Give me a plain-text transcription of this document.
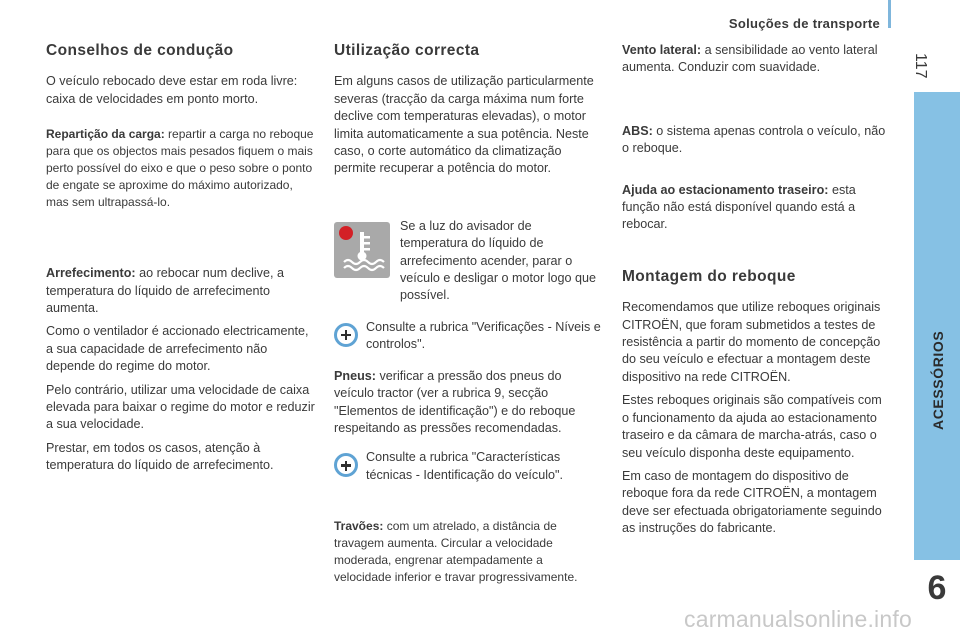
Soluções de transporte
117
ACESSÓRIOS
6
Conselhos de condução

O veículo rebocado deve estar em roda livre: caixa de velocidades em ponto morto.

Repartição da carga: repartir a carga no reboque para que os objectos mais pesados fiquem o mais perto possível do eixo e que o peso sobre o ponto de engate se aproxime do máximo autorizado, mas sem ultrapassá-lo.

Arrefecimento: ao rebocar num declive, a temperatura do líquido de arrefecimento aumenta.

Como o ventilador é accionado electricamente, a sua capacidade de arrefecimento não depende do regime do motor.

Pelo contrário, utilizar uma velocidade de caixa elevada para baixar o regime do motor e reduzir a sua velocidade.

Prestar, em todos os casos, atenção à temperatura do líquido de arrefecimento.

Utilização correcta

Em alguns casos de utilização particularmente severas (tracção da carga máxima num forte declive com temperaturas elevadas), o motor limita automaticamente a sua potência. Neste caso, o corte automático da climatização permite recuperar a potência do motor.

Se a luz do avisador de temperatura do líquido de arrefecimento acender, parar o veículo e desligar o motor logo que possível.

Consulte a rubrica "Verificações - Níveis e controlos".

Pneus: verificar a pressão dos pneus do veículo tractor (ver a rubrica 9, secção "Elementos de identificação") e do reboque respeitando as pressões recomendadas.

Consulte a rubrica "Características técnicas - Identificação do veículo".

Travões: com um atrelado, a distância de travagem aumenta. Circular a velocidade moderada, engrenar atempadamente a velocidade inferior e travar progressivamente.

Vento lateral: a sensibilidade ao vento lateral aumenta. Conduzir com suavidade.

ABS: o sistema apenas controla o veículo, não o reboque.

Ajuda ao estacionamento traseiro: esta função não está disponível quando está a rebocar.

Montagem do reboque

Recomendamos que utilize reboques originais CITROËN, que foram submetidos a testes de resistência a partir do momento de concepção do seu veículo e efectuar a montagem deste dispositivo na rede CITROËN.

Estes reboques originais são compatíveis com o funcionamento da ajuda ao estacionamento traseiro e da câmara de marcha-atrás, caso o seu veículo disponha deste equipamento.

Em caso de montagem do dispositivo de reboque fora da rede CITROËN, a montagem deve ser efectuada obrigatoriamente seguindo as instruções do fabricante.

carmanualsonline.info
